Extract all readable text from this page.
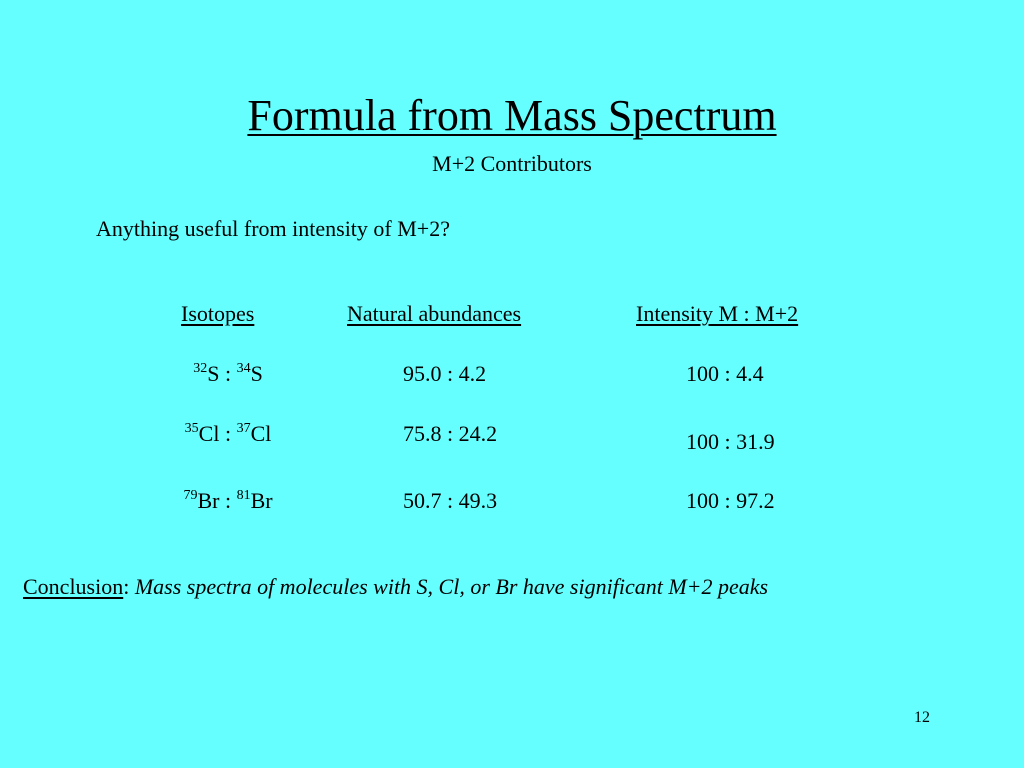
Formula from Mass Spectrum
M+2 Contributors
Anything useful from intensity of M+2?
Isotopes	Natural abundances	Intensity M : M+2
$^{32}$S : $^{34}$S	95.0 : 4.2	100 : 4.4
$^{35}$Cl : $^{37}$Cl	75.8 : 24.2	100 : 31.9
$^{79}$Br : $^{81}$Br	50.7 : 49.3	100 : 97.2
Conclusion: Mass spectra of molecules with S, Cl, or Br have significant M+2 peaks
12
